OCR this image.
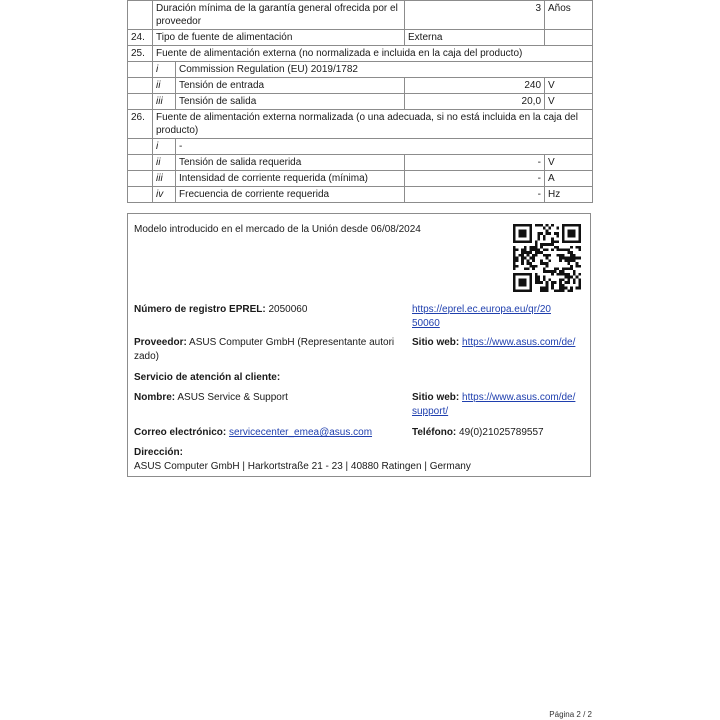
	Duración mínima de la garantía general ofrecida por el proveedor		3	Años
24.	Tipo de fuente de alimentación		Externa	
25.	Fuente de alimentación externa (no normalizada e incluida en la caja del producto)			
	i	Commission Regulation (EU) 2019/1782		
	ii	Tensión de entrada	240	V
	iii	Tensión de salida	20,0	V
26.	Fuente de alimentación externa normalizada (o una adecuada, si no está incluida en la caja del producto)			
	i	-		
	ii	Tensión de salida requerida	-	V
	iii	Intensidad de corriente requerida (mínima)	-	A
	iv	Frecuencia de corriente requerida	-	Hz
Modelo introducido en el mercado de la Unión desde 06/08/2024
Número de registro EPREL: 2050060	https://eprel.ec.europa.eu/qr/20
50060
Proveedor: ASUS Computer GmbH (Representante autori
zado)
Sitio web: https://www.asus.com/de/
Servicio de atención al cliente:
Nombre: ASUS Service & Support	Sitio web: https://www.asus.com/de/
support/
Correo electrónico: servicecenter_emea@asus.com	Teléfono: 49(0)21025789557
Dirección:
ASUS Computer GmbH | Harkortstraße 21 - 23 | 40880 Ratingen | Germany
Página 2 / 2
